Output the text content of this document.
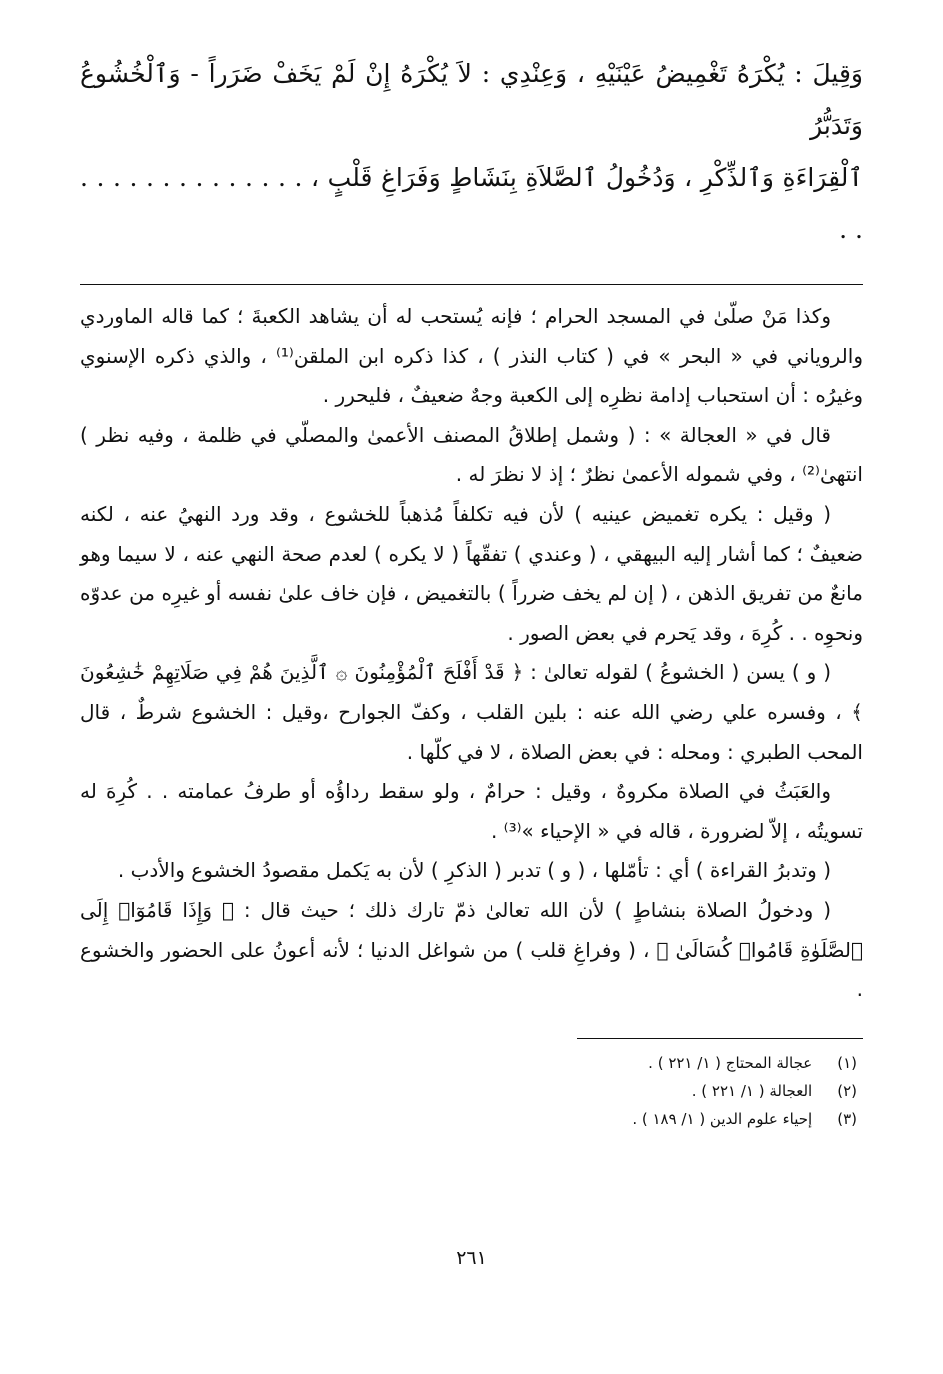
وَقِيلَ : يُكْرَهُ تَغْمِيضُ عَيْنَيْهِ ، وَعِنْدِي : لاَ يُكْرَهُ إِنْ لَمْ يَخَفْ ضَرَراً - وَٱلْخُشُوعُ وَتَدَبُّرُ

ٱلْقِرَاءَةِ وَٱلذِّكْرِ ، وَدُخُولُ ٱلصَّلاَةِ بِنَشَاطٍ وَفَرَاغِ قَلْبٍ ، . . . . . . . . . . . . . . . .

وكذا مَنْ صلّىٰ في المسجد الحرام ؛ فإنه يُستحب له أن يشاهد الكعبةَ ؛ كما قاله الماوردي والروياني في « البحر » في ( كتاب النذر ) ، كذا ذكره ابن الملقن⁽¹⁾ ، والذي ذكره الإسنوي وغيرُه : أن استحباب إدامة نظرِه إلى الكعبة وجهٌ ضعيفٌ ، فليحرر .

قال في « العجالة » : ( وشمل إطلاقُ المصنف الأعمىٰ والمصلّي في ظلمة ، وفيه نظر ) انتهىٰ⁽²⁾ ، وفي شموله الأعمىٰ نظرٌ ؛ إذ لا نظرَ له .

( وقيل : يكره تغميض عينيه ) لأن فيه تكلفاً مُذهباً للخشوع ، وقد ورد النهيُ عنه ، لكنه ضعيفٌ ؛ كما أشار إليه البيهقي ، ( وعندي ) تفقّهاً ( لا يكره ) لعدم صحة النهي عنه ، لا سيما وهو مانعٌ من تفريق الذهن ، ( إن لم يخف ضرراً ) بالتغميض ، فإن خاف علىٰ نفسه أو غيرِه من عدوّه ونحوِه . . كُرِهَ ، وقد يَحرم في بعض الصور .

( و ) يسن ( الخشوعُ ) لقوله تعالىٰ : ﴿ قَدْ أَفْلَحَ ٱلْمُؤْمِنُونَ ۞ ٱلَّذِينَ هُمْ فِي صَلَاتِهِمْ خَٰشِعُونَ ﴾ ، وفسره علي رضي الله عنه : بلين القلب ، وكفّ الجوارح ،وقيل : الخشوع شرطٌ ، قال المحب الطبري : ومحله : في بعض الصلاة ، لا في كلّها .

والعَبَثُ في الصلاة مكروهٌ ، وقيل : حرامٌ ، ولو سقط رداؤُه أو طرفُ عمامته . . كُرِهَ له تسويتُه ، إلاّ لضرورة ، قاله في « الإحياء »⁽³⁾ .

( وتدبرُ القراءة ) أي : تأمّلها ، ( و ) تدبر ( الذكرِ ) لأن به يَكمل مقصودُ الخشوع والأدب .

( ودخولُ الصلاة بنشاطٍ ) لأن الله تعالىٰ ذمّ تارك ذلك ؛ حيث قال : ﴿ وَإِذَا قَامُوٓا۟ إِلَى ٱلصَّلَوٰةِ قَامُوا۟ كُسَالَىٰ ﴾ ، ( وفراغِ قلب ) من شواغل الدنيا ؛ لأنه أعونُ على الحضور والخشوع .

(١) عجالة المحتاج ( ١/ ٢٢١ ) .
(٢) العجالة ( ١/ ٢٢١ ) .
(٣) إحياء علوم الدين ( ١/ ١٨٩ ) .
٢٦١
